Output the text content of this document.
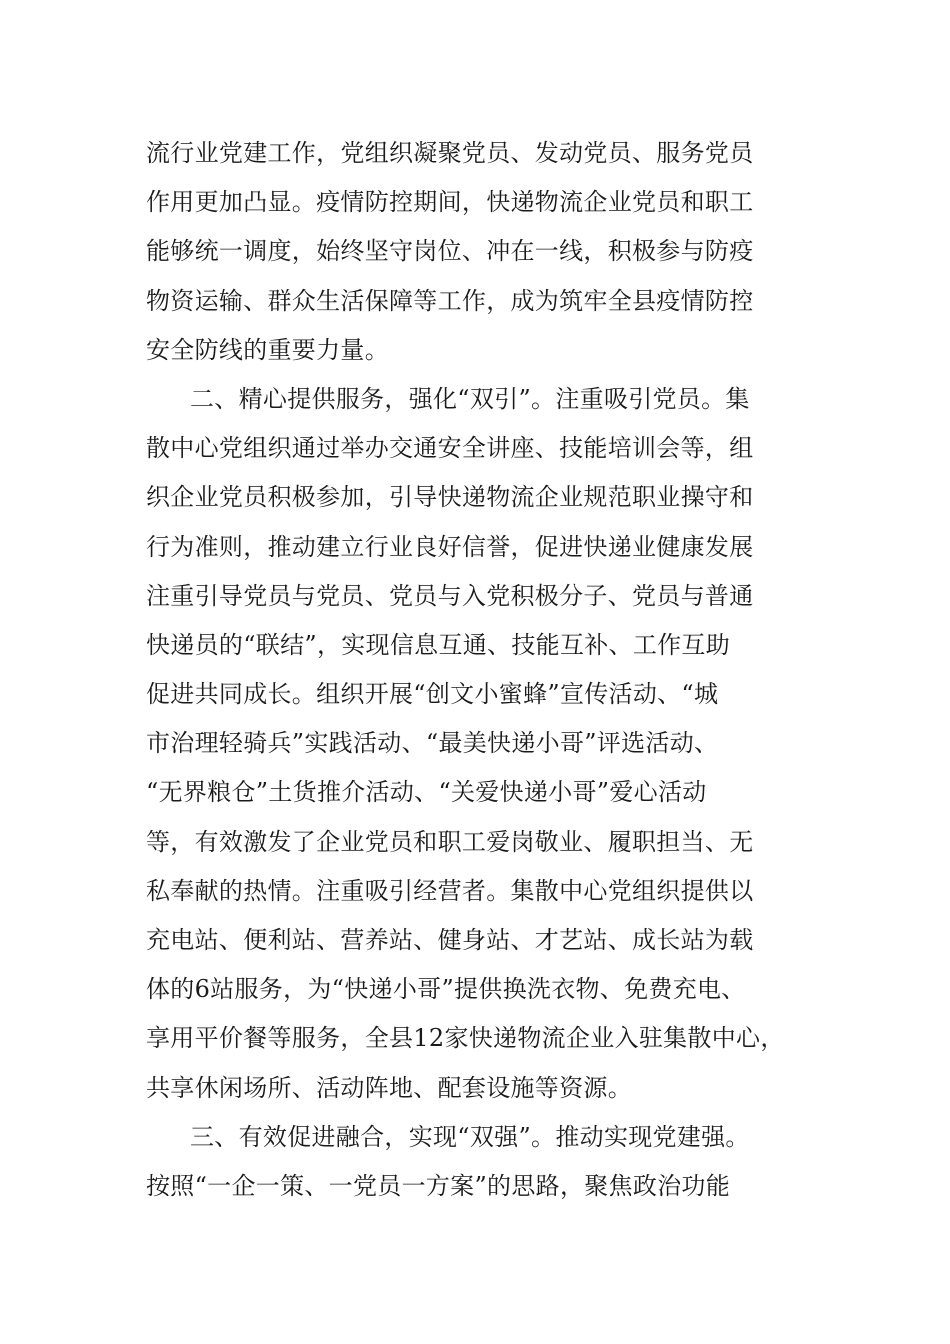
流行业党建工作，党组织凝聚党员、发动党员、服务党员
作用更加凸显。疫情防控期间，快递物流企业党员和职工
能够统一调度，始终坚守岗位、冲在一线，积极参与防疫
物资运输、群众生活保障等工作，成为筑牢全县疫情防控
安全防线的重要力量。
二、精心提供服务，强化“双引”。注重吸引党员。集
散中心党组织通过举办交通安全讲座、技能培训会等，组
织企业党员积极参加，引导快递物流企业规范职业操守和
行为准则，推动建立行业良好信誉，促进快递业健康发展
注重引导党员与党员、党员与入党积极分子、党员与普通
快递员的“联结”，实现信息互通、技能互补、工作互助
促进共同成长。组织开展“创文小蜜蜂”宣传活动、“城
市治理轻骑兵”实践活动、“最美快递小哥”评选活动、
“无界粮仓”土货推介活动、“关爱快递小哥”爱心活动
等，有效激发了企业党员和职工爱岗敬业、履职担当、无
私奉献的热情。注重吸引经营者。集散中心党组织提供以
充电站、便利站、营养站、健身站、才艺站、成长站为载
体的6站服务，为“快递小哥”提供换洗衣物、免费充电、
享用平价餐等服务，全县12家快递物流企业入驻集散中心，
共享休闲场所、活动阵地、配套设施等资源。
三、有效促进融合，实现“双强”。推动实现党建强。
按照“一企一策、一党员一方案”的思路，聚焦政治功能
